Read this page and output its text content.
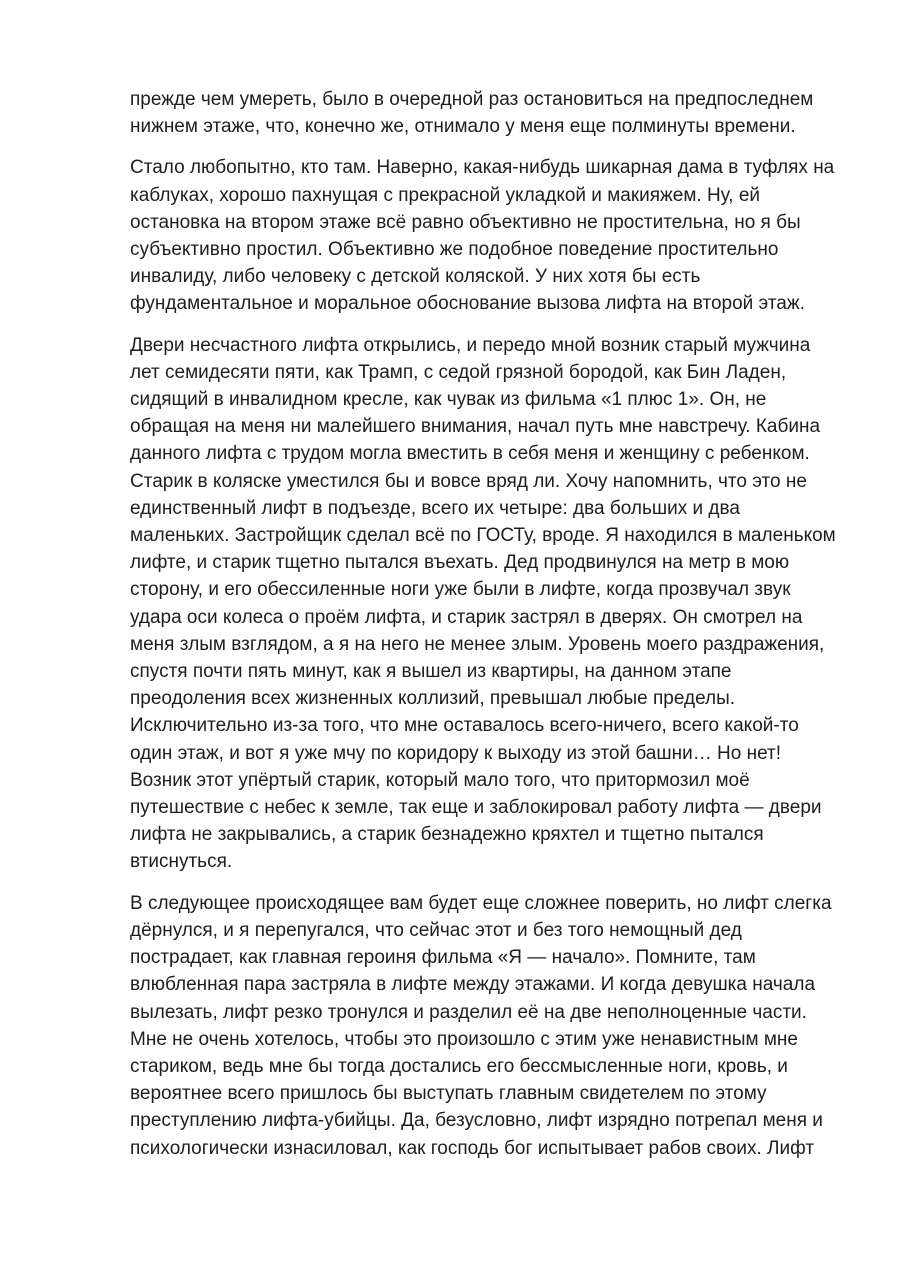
прежде чем умереть, было в очередной раз остановиться на предпоследнем нижнем этаже, что, конечно же, отнимало у меня еще полминуты времени.

Стало любопытно, кто там. Наверно, какая-нибудь шикарная дама в туфлях на каблуках, хорошо пахнущая с прекрасной укладкой и макияжем. Ну, ей остановка на втором этаже всё равно объективно не простительна, но я бы субъективно простил. Объективно же подобное поведение простительно инвалиду, либо человеку с детской коляской. У них хотя бы есть фундаментальное и моральное обоснование вызова лифта на второй этаж.

Двери несчастного лифта открылись, и передо мной возник старый мужчина лет семидесяти пяти, как Трамп, с седой грязной бородой, как Бин Ладен, сидящий в инвалидном кресле, как чувак из фильма «1 плюс 1». Он, не обращая на меня ни малейшего внимания, начал путь мне навстречу. Кабина данного лифта с трудом могла вместить в себя меня и женщину с ребенком. Старик в коляске уместился бы и вовсе вряд ли. Хочу напомнить, что это не единственный лифт в подъезде, всего их четыре: два больших и два маленьких. Застройщик сделал всё по ГОСТу, вроде. Я находился в маленьком лифте, и старик тщетно пытался въехать. Дед продвинулся на метр в мою сторону, и его обессиленные ноги уже были в лифте, когда прозвучал звук удара оси колеса о проём лифта, и старик застрял в дверях. Он смотрел на меня злым взглядом, а я на него не менее злым. Уровень моего раздражения, спустя почти пять минут, как я вышел из квартиры, на данном этапе преодоления всех жизненных коллизий, превышал любые пределы. Исключительно из-за того, что мне оставалось всего-ничего, всего какой-то один этаж, и вот я уже мчу по коридору к выходу из этой башни… Но нет! Возник этот упёртый старик, который мало того, что притормозил моё путешествие с небес к земле, так еще и заблокировал работу лифта — двери лифта не закрывались, а старик безнадежно кряхтел и тщетно пытался втиснуться.

В следующее происходящее вам будет еще сложнее поверить, но лифт слегка дёрнулся, и я перепугался, что сейчас этот и без того немощный дед пострадает, как главная героиня фильма «Я — начало». Помните, там влюбленная пара застряла в лифте между этажами. И когда девушка начала вылезать, лифт резко тронулся и разделил её на две неполноценные части. Мне не очень хотелось, чтобы это произошло с этим уже ненавистным мне стариком, ведь мне бы тогда достались его бессмысленные ноги, кровь, и вероятнее всего пришлось бы выступать главным свидетелем по этому преступлению лифта-убийцы. Да, безусловно, лифт изрядно потрепал меня и психологически изнасиловал, как господь бог испытывает рабов своих. Лифт
